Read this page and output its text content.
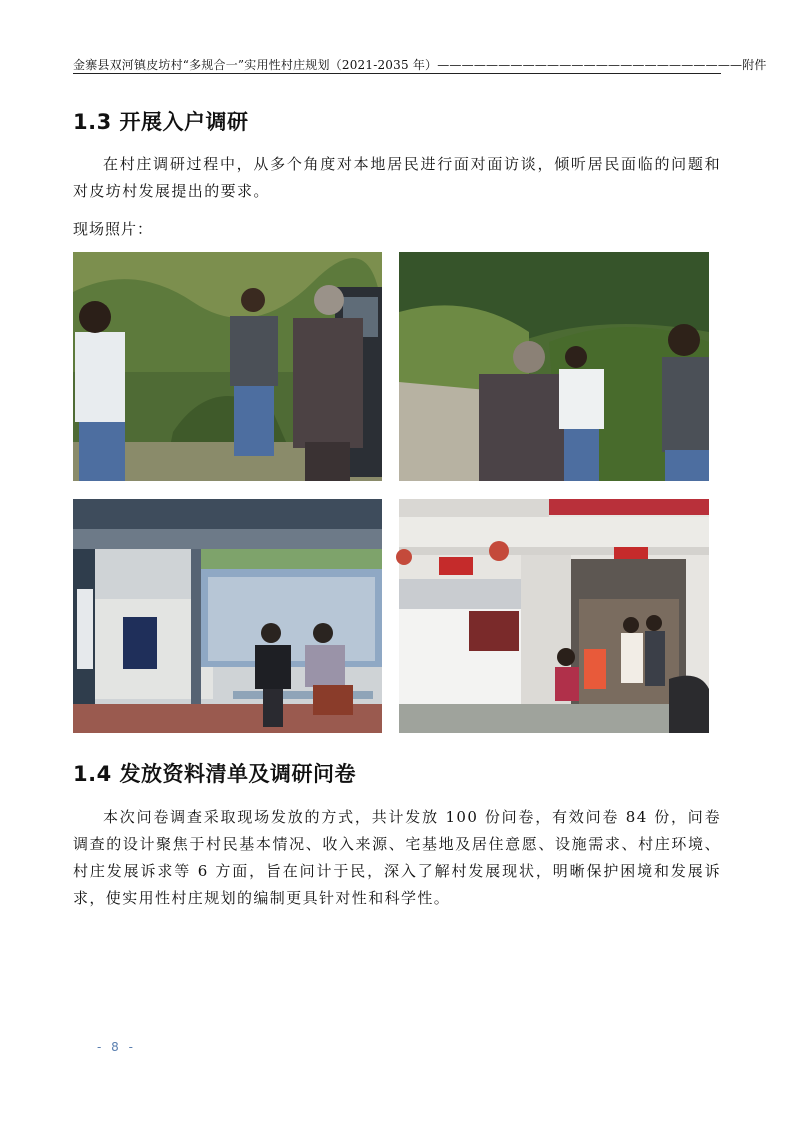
金寨县双河镇皮坊村“多规合一”实用性村庄规划（2021-2035 年）—————————————————————————附件
1.3 开展入户调研

在村庄调研过程中，从多个角度对本地居民进行面对面访谈，倾听居民面临的问题和对皮坊村发展提出的要求。

现场照片：
1.4 发放资料清单及调研问卷

本次问卷调查采取现场发放的方式，共计发放 100 份问卷，有效问卷 84 份，问卷调查的设计聚焦于村民基本情况、收入来源、宅基地及居住意愿、设施需求、村庄环境、村庄发展诉求等 6 方面，旨在问计于民，深入了解村发展现状，明晰保护困境和发展诉求，使实用性村庄规划的编制更具针对性和科学性。

- 8 -
